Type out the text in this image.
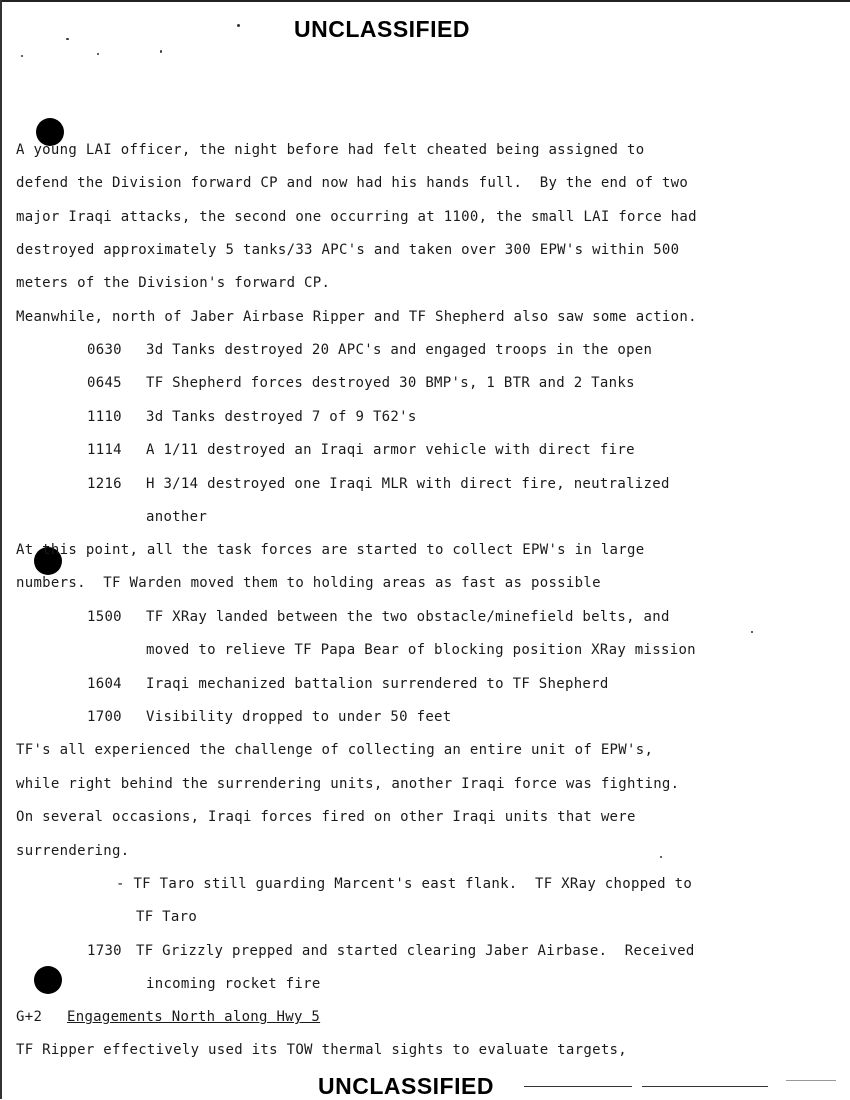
UNCLASSIFIED
A young LAI officer, the night before had felt cheated being assigned to
defend the Division forward CP and now had his hands full.  By the end of two
major Iraqi attacks, the second one occurring at 1100, the small LAI force had
destroyed approximately 5 tanks/33 APC's and taken over 300 EPW's within 500
meters of the Division's forward CP.
Meanwhile, north of Jaber Airbase Ripper and TF Shepherd also saw some action.
0630 3d Tanks destroyed 20 APC's and engaged troops in the open
0645 TF Shepherd forces destroyed 30 BMP's, 1 BTR and 2 Tanks
1110 3d Tanks destroyed 7 of 9 T62's
1114 A 1/11 destroyed an Iraqi armor vehicle with direct fire
1216 H 3/14 destroyed one Iraqi MLR with direct fire, neutralized
another
At this point, all the task forces are started to collect EPW's in large
numbers.  TF Warden moved them to holding areas as fast as possible
1500 TF XRay landed between the two obstacle/minefield belts, and
moved to relieve TF Papa Bear of blocking position XRay mission
1604 Iraqi mechanized battalion surrendered to TF Shepherd
1700 Visibility dropped to under 50 feet
TF's all experienced the challenge of collecting an entire unit of EPW's,
while right behind the surrendering units, another Iraqi force was fighting.
On several occasions, Iraqi forces fired on other Iraqi units that were
surrendering.
- TF Taro still guarding Marcent's east flank.  TF XRay chopped to
TF Taro
1730 TF Grizzly prepped and started clearing Jaber Airbase.  Received
incoming rocket fire
G+2 Engagements North along Hwy 5
TF Ripper effectively used its TOW thermal sights to evaluate targets,
UNCLASSIFIED
